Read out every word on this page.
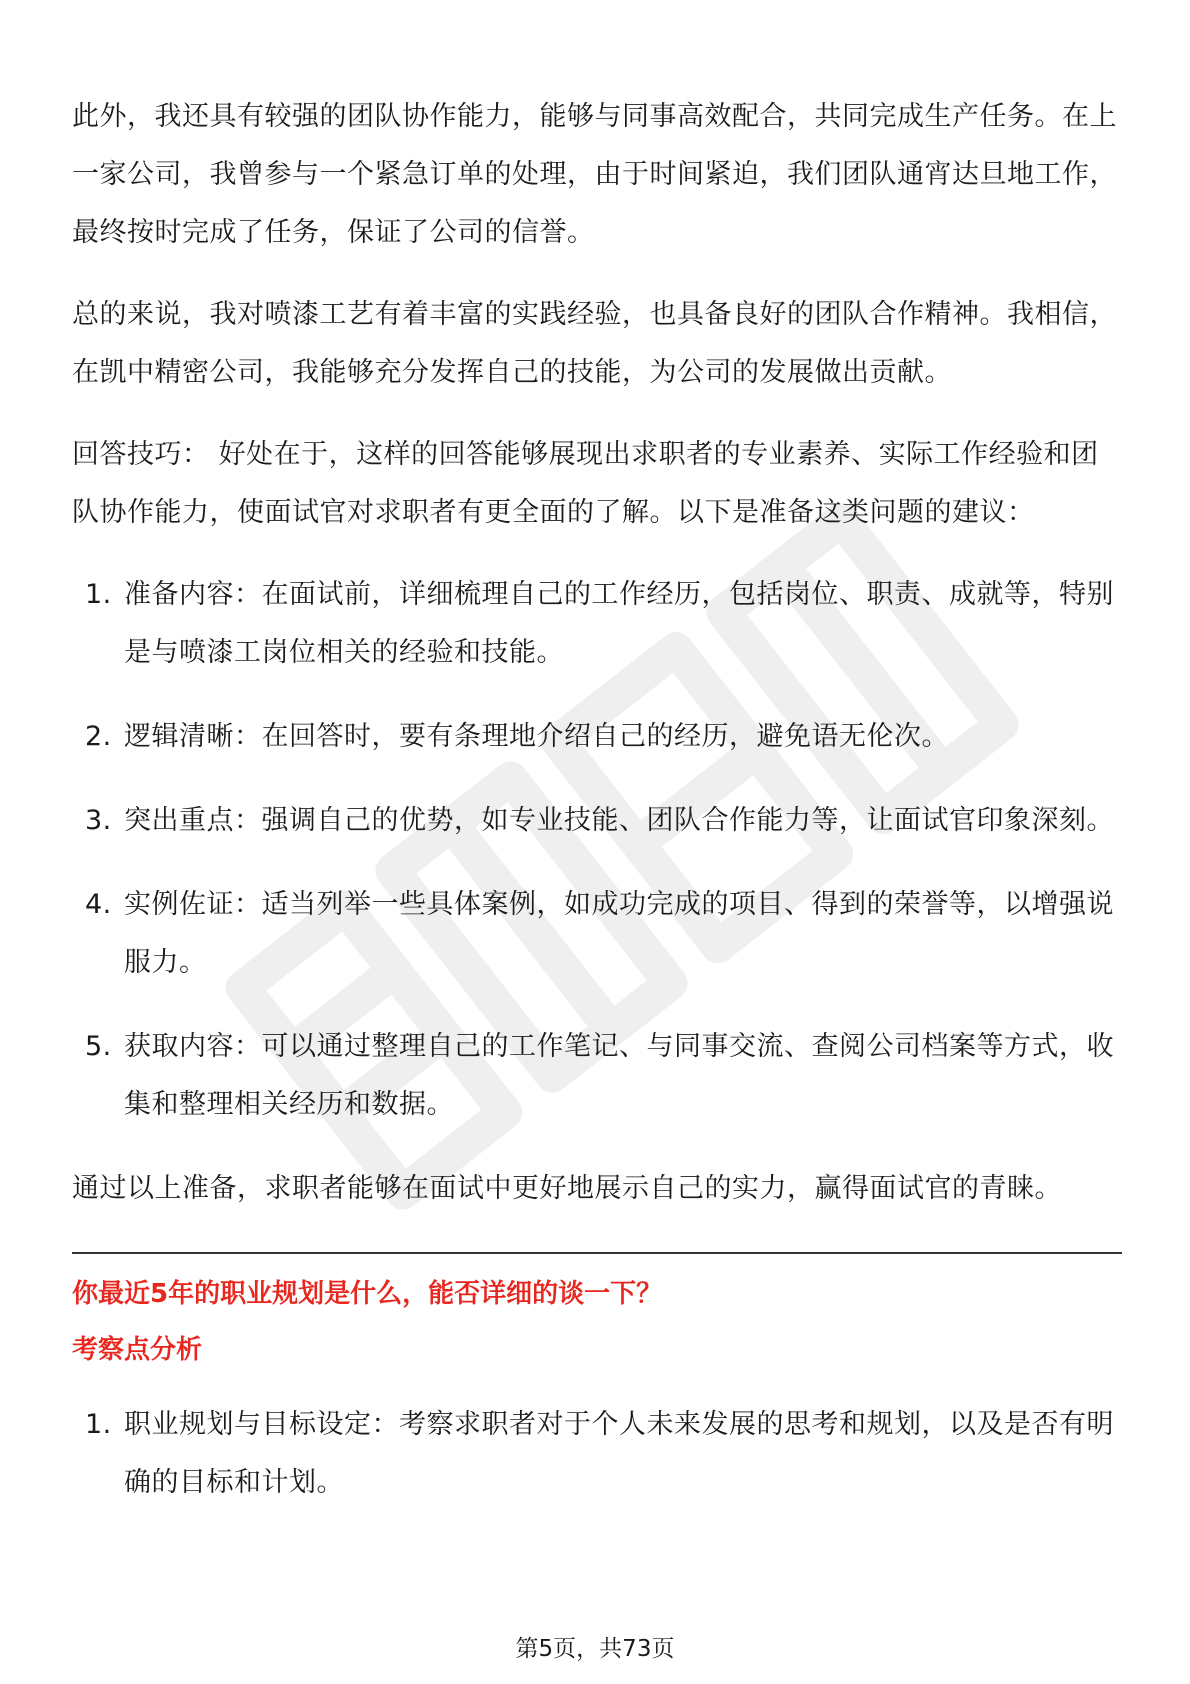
此外，我还具有较强的团队协作能力，能够与同事高效配合，共同完成生产任务。在上一家公司，我曾参与一个紧急订单的处理，由于时间紧迫，我们团队通宵达旦地工作，最终按时完成了任务，保证了公司的信誉。

总的来说，我对喷漆工艺有着丰富的实践经验，也具备良好的团队合作精神。我相信，在凯中精密公司，我能够充分发挥自己的技能，为公司的发展做出贡献。

回答技巧： 好处在于，这样的回答能够展现出求职者的专业素养、实际工作经验和团队协作能力，使面试官对求职者有更全面的了解。以下是准备这类问题的建议：

1. 准备内容：在面试前，详细梳理自己的工作经历，包括岗位、职责、成就等，特别是与喷漆工岗位相关的经验和技能。
2. 逻辑清晰：在回答时，要有条理地介绍自己的经历，避免语无伦次。
3. 突出重点：强调自己的优势，如专业技能、团队合作能力等，让面试官印象深刻。
4. 实例佐证：适当列举一些具体案例，如成功完成的项目、得到的荣誉等，以增强说服力。
5. 获取内容：可以通过整理自己的工作笔记、与同事交流、查阅公司档案等方式，收集和整理相关经历和数据。

通过以上准备，求职者能够在面试中更好地展示自己的实力，赢得面试官的青睐。

你最近5年的职业规划是什么，能否详细的谈一下？
考察点分析
1. 职业规划与目标设定：考察求职者对于个人未来发展的思考和规划，以及是否有明确的目标和计划。
第5页，共73页
